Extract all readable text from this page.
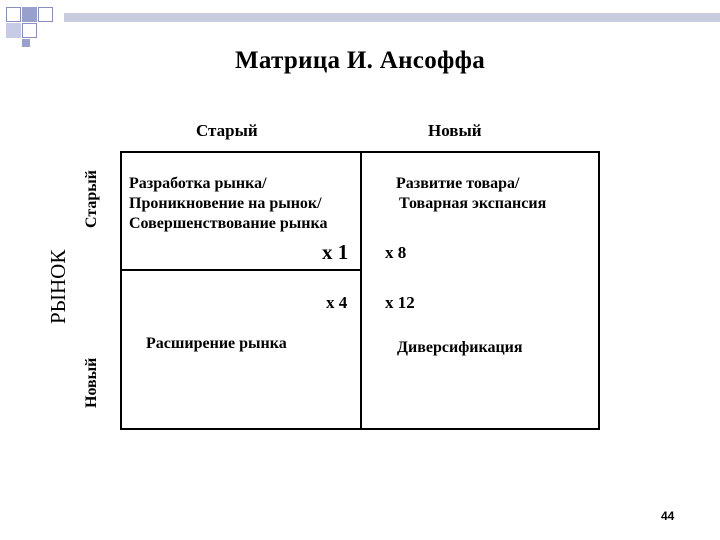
Матрица И. Ансоффа
Старый	Новый
РЫНОК
Старый
Новый
Разработка рынка/
Проникновение на рынок/
Совершенствование рынка
x 1
Развитие товара/
Товарная экспансия
x 8
x 4
Расширение рынка
x 12
Диверсификация
44
